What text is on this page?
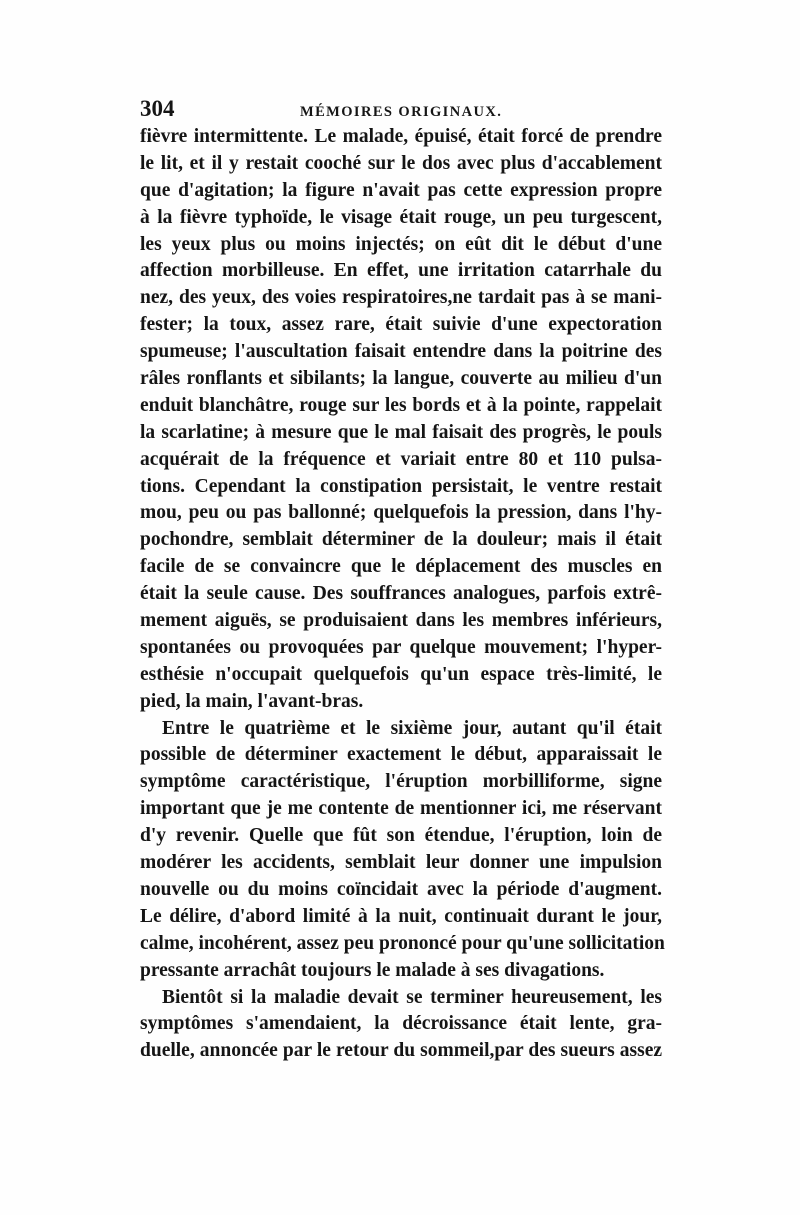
304	MÉMOIRES ORIGINAUX.
fièvre intermittente. Le malade, épuisé, était forcé de prendre
le lit, et il y restait cooché sur le dos avec plus d'accablement
que d'agitation; la figure n'avait pas cette expression propre
à la fièvre typhoïde, le visage était rouge, un peu turgescent,
les yeux plus ou moins injectés; on eût dit le début d'une
affection morbilleuse. En effet, une irritation catarrhale du
nez, des yeux, des voies respiratoires,ne tardait pas à se mani-
fester; la toux, assez rare, était suivie d'une expectoration
spumeuse; l'auscultation faisait entendre dans la poitrine des
râles ronflants et sibilants; la langue, couverte au milieu d'un
enduit blanchâtre, rouge sur les bords et à la pointe, rappelait
la scarlatine; à mesure que le mal faisait des progrès, le pouls
acquérait de la fréquence et variait entre 80 et 110 pulsa-
tions. Cependant la constipation persistait, le ventre restait
mou, peu ou pas ballonné; quelquefois la pression, dans l'hy-
pochondre, semblait déterminer de la douleur; mais il était
facile de se convaincre que le déplacement des muscles en
était la seule cause. Des souffrances analogues, parfois extrê-
mement aiguës, se produisaient dans les membres inférieurs,
spontanées ou provoquées par quelque mouvement; l'hyper-
esthésie n'occupait quelquefois qu'un espace très-limité, le
pied, la main, l'avant-bras.
Entre le quatrième et le sixième jour, autant qu'il était
possible de déterminer exactement le début, apparaissait le
symptôme caractéristique, l'éruption morbilliforme, signe
important que je me contente de mentionner ici, me réservant
d'y revenir. Quelle que fût son étendue, l'éruption, loin de
modérer les accidents, semblait leur donner une impulsion
nouvelle ou du moins coïncidait avec la période d'augment.
Le délire, d'abord limité à la nuit, continuait durant le jour,
calme, incohérent, assez peu prononcé pour qu'une sollicitation
pressante arrachât toujours le malade à ses divagations.
Bientôt si la maladie devait se terminer heureusement, les
symptômes s'amendaient, la décroissance était lente, gra-
duelle, annoncée par le retour du sommeil,par des sueurs assez
